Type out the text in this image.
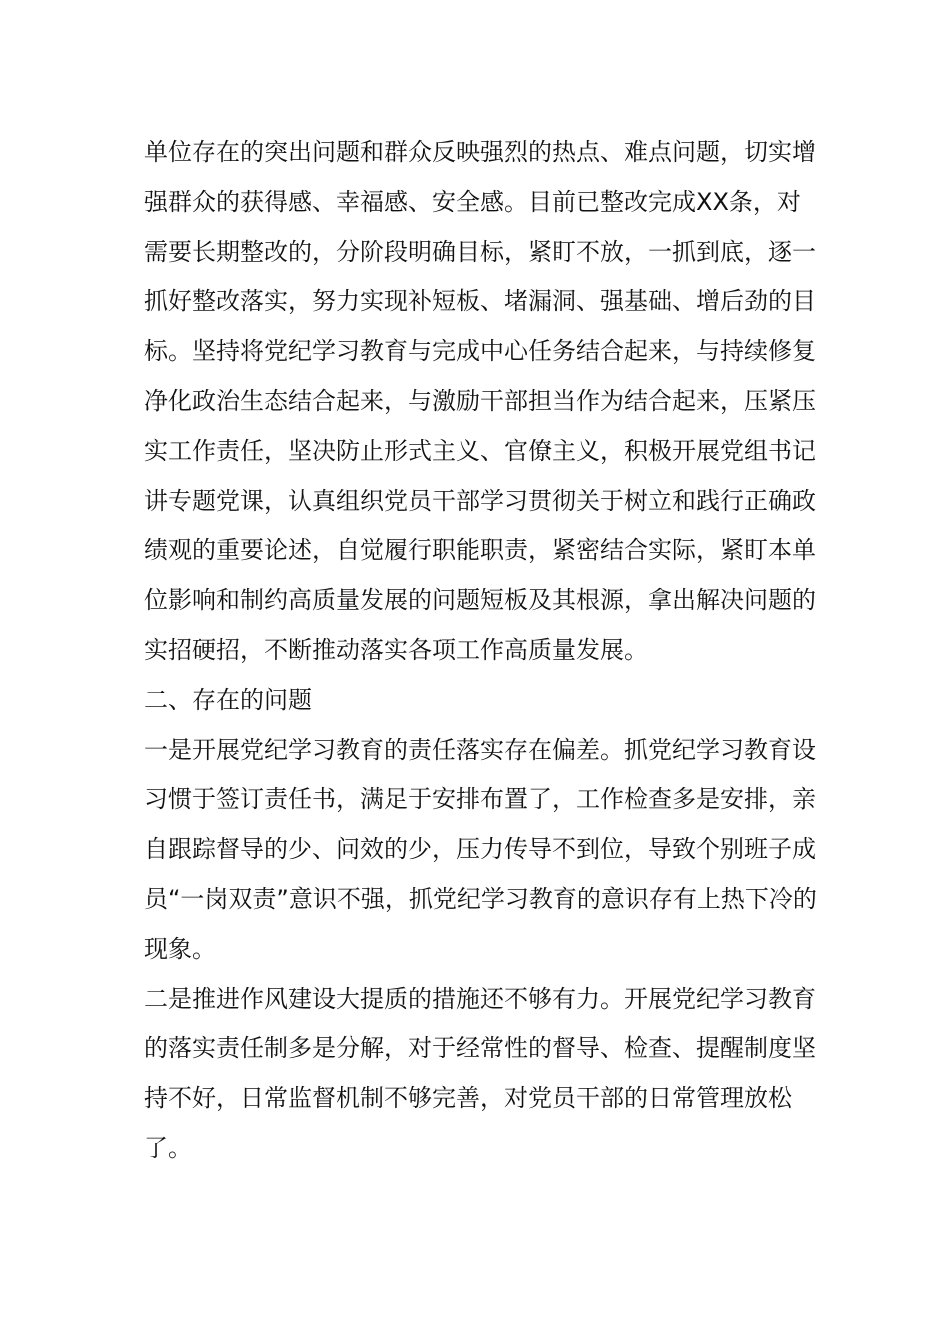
单位存在的突出问题和群众反映强烈的热点、难点问题，切实增强群众的获得感、幸福感、安全感。目前已整改完成XX条，对需要长期整改的，分阶段明确目标，紧盯不放，一抓到底，逐一抓好整改落实，努力实现补短板、堵漏洞、强基础、增后劲的目标。坚持将党纪学习教育与完成中心任务结合起来，与持续修复净化政治生态结合起来，与激励干部担当作为结合起来，压紧压实工作责任，坚决防止形式主义、官僚主义，积极开展党组书记讲专题党课，认真组织党员干部学习贯彻关于树立和践行正确政绩观的重要论述，自觉履行职能职责，紧密结合实际，紧盯本单位影响和制约高质量发展的问题短板及其根源，拿出解决问题的实招硬招，不断推动落实各项工作高质量发展。

二、存在的问题

一是开展党纪学习教育的责任落实存在偏差。抓党纪学习教育设习惯于签订责任书，满足于安排布置了，工作检查多是安排，亲自跟踪督导的少、问效的少，压力传导不到位，导致个别班子成员“一岗双责”意识不强，抓党纪学习教育的意识存有上热下冷的现象。

二是推进作风建设大提质的措施还不够有力。开展党纪学习教育的落实责任制多是分解，对于经常性的督导、检查、提醒制度坚持不好，日常监督机制不够完善，对党员干部的日常管理放松了。
